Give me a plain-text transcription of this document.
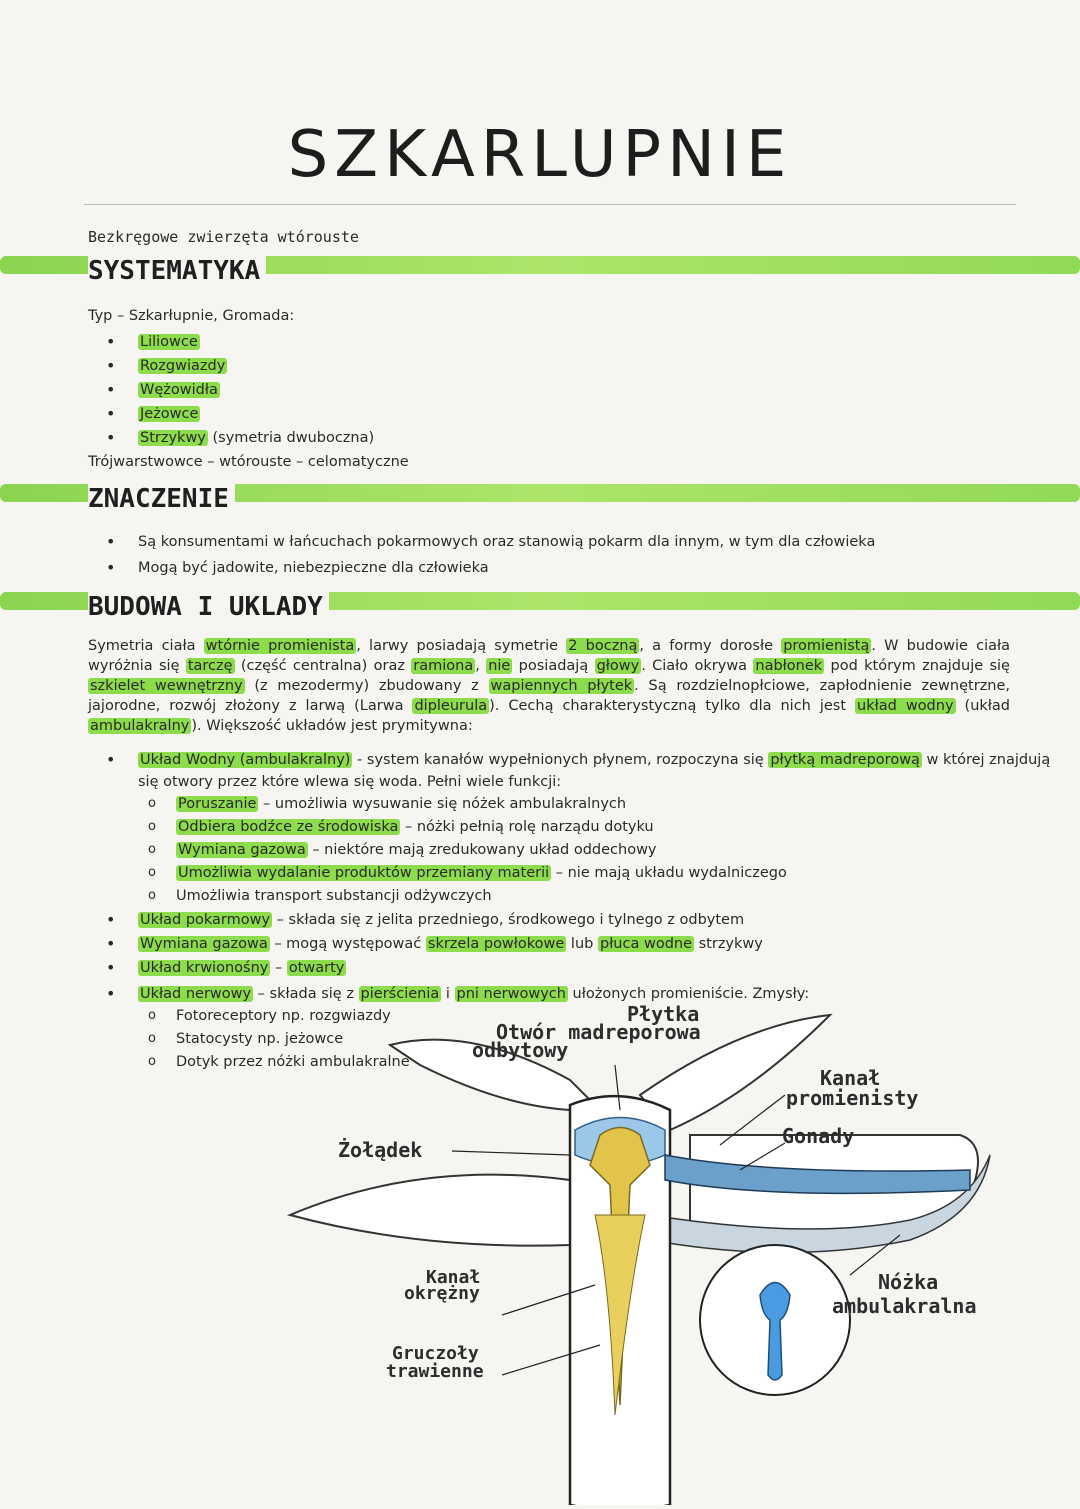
SZKARLUPNIE
Bezkręgowe zwierzęta wtórouste
SYSTEMATYKA
Typ – Szkarłupnie, Gromada:
• Liliowce
• Rozgwiazdy
• Wężowidła
• Jeżowce
• Strzykwy (symetria dwuboczna)
Trójwarstwowce – wtórouste – celomatyczne
ZNACZENIE
• Są konsumentami w łańcuchach pokarmowych oraz stanowią pokarm dla innym, w tym dla człowieka
• Mogą być jadowite, niebezpieczne dla człowieka
BUDOWA I UKLADY
Symetria ciała wtórnie promienista , larwy posiadają symetrie 2 boczną , a formy dorosłe promienistą . W budowie ciała wyróżnia się tarczę (część centralna) oraz ramiona , nie posiadają głowy . Ciało okrywa nabłonek pod którym znajduje się szkielet wewnętrzny (z mezodermy) zbudowany z wapiennych płytek . Są rozdzielnopłciowe, zapłodnienie zewnętrzne, jajorodne, rozwój złożony z larwą (Larwa dipleurula ). Cechą charakterystyczną tylko dla nich jest układ wodny (układ ambulakralny ). Większość układów jest prymitywna:
• Układ Wodny (ambulakralny) - system kanałów wypełnionych płynem, rozpoczyna się płytką madreporową w której znajdują
się otwory przez które wlewa się woda. Pełni wiele funkcji:
o Poruszanie – umożliwia wysuwanie się nóżek ambulakralnych
o Odbiera bodźce ze środowiska – nóżki pełnią rolę narządu dotyku
o Wymiana gazowa – niektóre mają zredukowany układ oddechowy
o Umożliwia wydalanie produktów przemiany materii – nie mają układu wydalniczego
o Umożliwia transport substancji odżywczych
• Układ pokarmowy – składa się z jelita przedniego, środkowego i tylnego z odbytem
• Wymiana gazowa – mogą występować skrzela powłokowe lub płuca wodne strzykwy
• Układ krwionośny – otwarty
• Układ nerwowy – składa się z pierścienia i pni nerwowych ułożonych promieniście. Zmysły:
o Fotoreceptory np. rozgwiazdy
o Statocysty np. jeżowce
o Dotyk przez nóżki ambulakralne
Płytka
Otwór madreporowa
odbytowy
Kanał
promienisty
Gonady
Żołądek
Kanał
okrężny
Gruczoły
trawienne
Nóżka
ambulakralna
